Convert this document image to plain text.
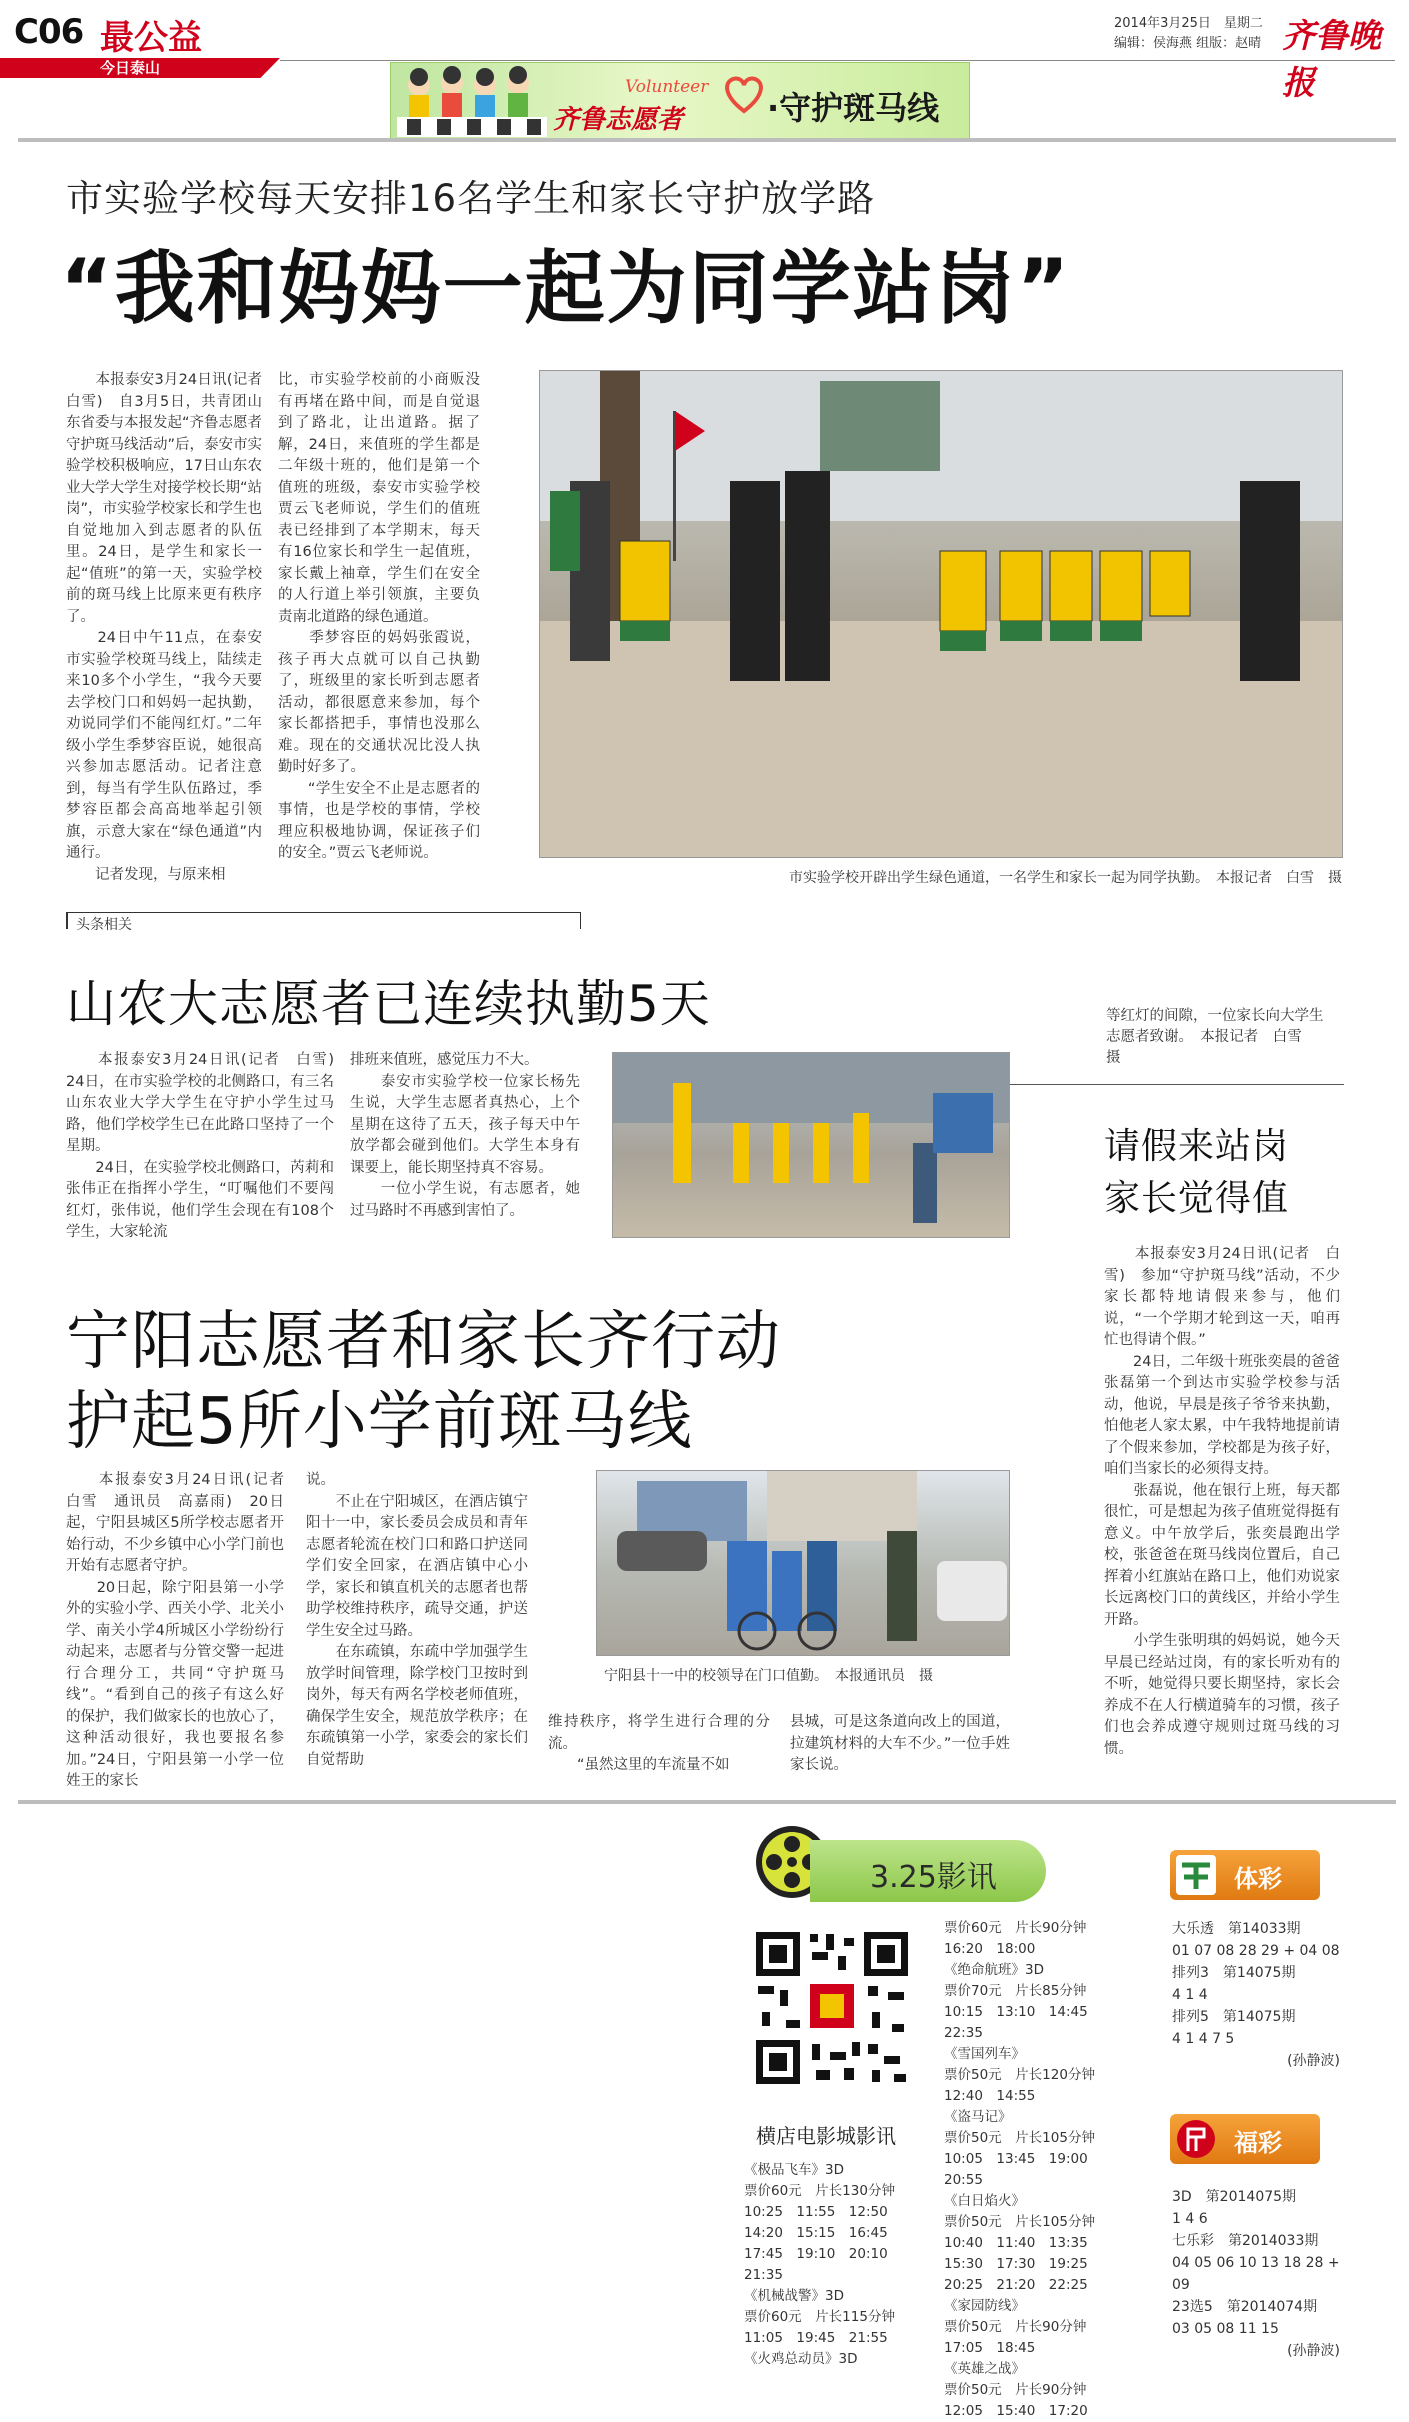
C06 最公益
今日泰山
2014年3月25日　 星期二
编辑：侯海燕 组版：赵晴 齐鲁晚报
Volunteer
齐鲁志愿者	·守护斑马线
市实验学校每天安排16名学生和家长守护放学路
“我和妈妈一起为同学站岗”
　　本报泰安3月24日讯(记者　白雪)　自3月5日，共青团山东省委与本报发起“齐鲁志愿者守护斑马线活动”后，泰安市实验学校积极响应，17日山东农业大学大学生对接学校长期“站岗”，市实验学校家长和学生也自觉地加入到志愿者的队伍里。24日，是学生和家长一起“值班”的第一天，实验学校前的斑马线上比原来更有秩序了。
　　24日中午11点，在泰安市实验学校斑马线上，陆续走来10多个小学生，“我今天要去学校门口和妈妈一起执勤，劝说同学们不能闯红灯。”二年级小学生季梦容臣说，她很高兴参加志愿活动。记者注意到，每当有学生队伍路过，季梦容臣都会高高地举起引领旗，示意大家在“绿色通道”内通行。
　　记者发现，与原来相
比，市实验学校前的小商贩没有再堵在路中间，而是自觉退到了路北，让出道路。据了解，24日，来值班的学生都是二年级十班的，他们是第一个值班的班级，泰安市实验学校贾云飞老师说，学生们的值班表已经排到了本学期末，每天有16位家长和学生一起值班，家长戴上袖章，学生们在安全的人行道上举引领旗，主要负责南北道路的绿色通道。
　　季梦容臣的妈妈张霞说，孩子再大点就可以自己执勤了，班级里的家长听到志愿者活动，都很愿意来参加，每个家长都搭把手，事情也没那么难。现在的交通状况比没人执勤时好多了。
　　“学生安全不止是志愿者的事情，也是学校的事情，学校理应积极地协调，保证孩子们的安全。”贾云飞老师说。
市实验学校开辟出学生绿色通道，一名学生和家长一起为同学执勤。　本报记者　白雪　摄
头条相关
山农大志愿者已连续执勤5天
　　本报泰安3月24日讯(记者　白雪)　24日，在市实验学校的北侧路口，有三名山东农业大学大学生在守护小学生过马路，他们学校学生已在此路口坚持了一个星期。
　　24日，在实验学校北侧路口，芮莉和张伟正在指挥小学生，“叮嘱他们不要闯红灯，张伟说，他们学生会现在有108个学生，大家轮流
排班来值班，感觉压力不大。
　　泰安市实验学校一位家长杨先生说，大学生志愿者真热心，上个星期在这待了五天，孩子每天中午放学都会碰到他们。大学生本身有课要上，能长期坚持真不容易。
　　一位小学生说，有志愿者，她过马路时不再感到害怕了。
等红灯的间隙，一位家长向大学生志愿者致谢。　本报记者　白雪　摄
宁阳志愿者和家长齐行动
护起5所小学前斑马线
　　本报泰安3月24日讯(记者　白雪　通讯员　高嘉雨)　20日起，宁阳县城区5所学校志愿者开始行动，不少乡镇中心小学门前也开始有志愿者守护。
　　20日起，除宁阳县第一小学外的实验小学、西关小学、北关小学、南关小学4所城区小学纷纷行动起来，志愿者与分管交警一起进行合理分工，共同“守护斑马线”。“看到自己的孩子有这么好的保护，我们做家长的也放心了，这种活动很好，我也要报名参加。”24日，宁阳县第一小学一位姓王的家长
说。
　　不止在宁阳城区，在酒店镇宁阳十一中，家长委员会成员和青年志愿者轮流在校门口和路口护送同学们安全回家，在酒店镇中心小学，家长和镇直机关的志愿者也帮助学校维持秩序，疏导交通，护送学生安全过马路。
　　在东疏镇，东疏中学加强学生放学时间管理，除学校门卫按时到岗外，每天有两名学校老师值班，确保学生安全，规范放学秩序；在东疏镇第一小学，家委会的家长们自觉帮助
宁阳县十一中的校领导在门口值勤。　本报通讯员　摄
维持秩序，将学生进行合理的分流。
　　“虽然这里的车流量不如
县城，可是这条道向改上的国道，拉建筑材料的大车不少。”一位手姓家长说。
请假来站岗
家长觉得值
　　本报泰安3月24日讯(记者　白雪)　参加“守护斑马线”活动，不少家长都特地请假来参与，他们说，“一个学期才轮到这一天，咱再忙也得请个假。”
　　24日，二年级十班张奕晨的爸爸张磊第一个到达市实验学校参与活动，他说，早晨是孩子爷爷来执勤，怕他老人家太累，中午我特地提前请了个假来参加，学校都是为孩子好，咱们当家长的必须得支持。
　　张磊说，他在银行上班，每天都很忙，可是想起为孩子值班觉得挺有意义。中午放学后，张奕晨跑出学校，张爸爸在斑马线岗位置后，自己挥着小红旗站在路口上，他们劝说家长远离校门口的黄线区，并给小学生开路。
　　小学生张明琪的妈妈说，她今天早晨已经站过岗，有的家长听劝有的不听，她觉得只要长期坚持，家长会养成不在人行横道骑车的习惯，孩子们也会养成遵守规则过斑马线的习惯。
3.25影讯
横店电影城影讯
《极品飞车》3D
票价60元　片长130分钟
10:25　11:55　12:50　14:20　15:15　16:45　17:45　19:10　20:10　21:35
《机械战警》3D
票价60元　片长115分钟
11:05　19:45　21:55
《火鸡总动员》3D
票价60元　片长90分钟
16:20　18:00
《绝命航班》3D
票价70元　片长85分钟
10:15　13:10　14:45　22:35
《雪国列车》
票价50元　片长120分钟
12:40　14:55
《盗马记》
票价50元　片长105分钟
10:05　13:45　19:00　20:55
《白日焰火》
票价50元　片长105分钟
10:40　11:40　13:35　15:30　17:30　19:25　20:25　21:20　22:25
《家园防线》
票价50元　片长90分钟
17:05　18:45
《英雄之战》
票价50元　片长90分钟
12:05　15:40　17:20
体彩
大乐透　第14033期
01 07 08 28 29 + 04 08
排列3　第14075期
4 1 4
排列5　第14075期
4 1 4 7 5
(孙静波)
福彩
3D　第2014075期
1 4 6
七乐彩　第2014033期
04 05 06 10 13 18 28 + 09
23选5　第2014074期
03 05 08 11 15
(孙静波)
